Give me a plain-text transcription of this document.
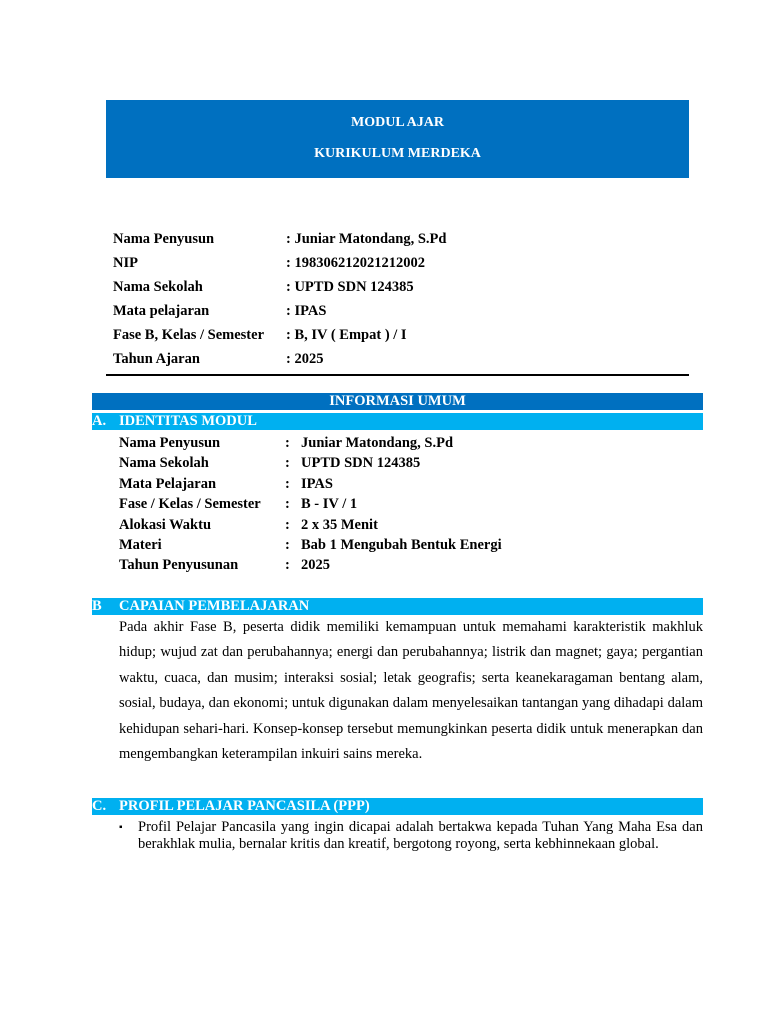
MODUL AJAR
KURIKULUM MERDEKA
Nama Penyusun	: Juniar Matondang, S.Pd
NIP	: 198306212021212002
Nama Sekolah	: UPTD SDN 124385
Mata pelajaran	: IPAS
Fase B, Kelas / Semester	: B, IV ( Empat ) / I
Tahun Ajaran	: 2025
INFORMASI UMUM
A. IDENTITAS MODUL
Nama Penyusun	: Juniar Matondang, S.Pd
Nama Sekolah	: UPTD SDN 124385
Mata Pelajaran	: IPAS
Fase / Kelas / Semester	: B - IV / 1
Alokasi Waktu	: 2 x 35 Menit
Materi	: Bab 1 Mengubah Bentuk Energi
Tahun Penyusunan	: 2025
B CAPAIAN PEMBELAJARAN
Pada akhir Fase B, peserta didik memiliki kemampuan untuk memahami karakteristik makhluk hidup; wujud zat dan perubahannya; energi dan perubahannya; listrik dan magnet; gaya; pergantian waktu, cuaca, dan musim; interaksi sosial; letak geografis; serta keanekaragaman bentang alam, sosial, budaya, dan ekonomi; untuk digunakan dalam menyelesaikan tantangan yang dihadapi dalam kehidupan sehari-hari. Konsep-konsep tersebut memungkinkan peserta didik untuk menerapkan dan mengembangkan keterampilan inkuiri sains mereka.
C. PROFIL PELAJAR PANCASILA (PPP)
▪ Profil Pelajar Pancasila yang ingin dicapai adalah bertakwa kepada Tuhan Yang Maha Esa dan berakhlak mulia, bernalar kritis dan kreatif, bergotong royong, serta kebhinnekaan global.
